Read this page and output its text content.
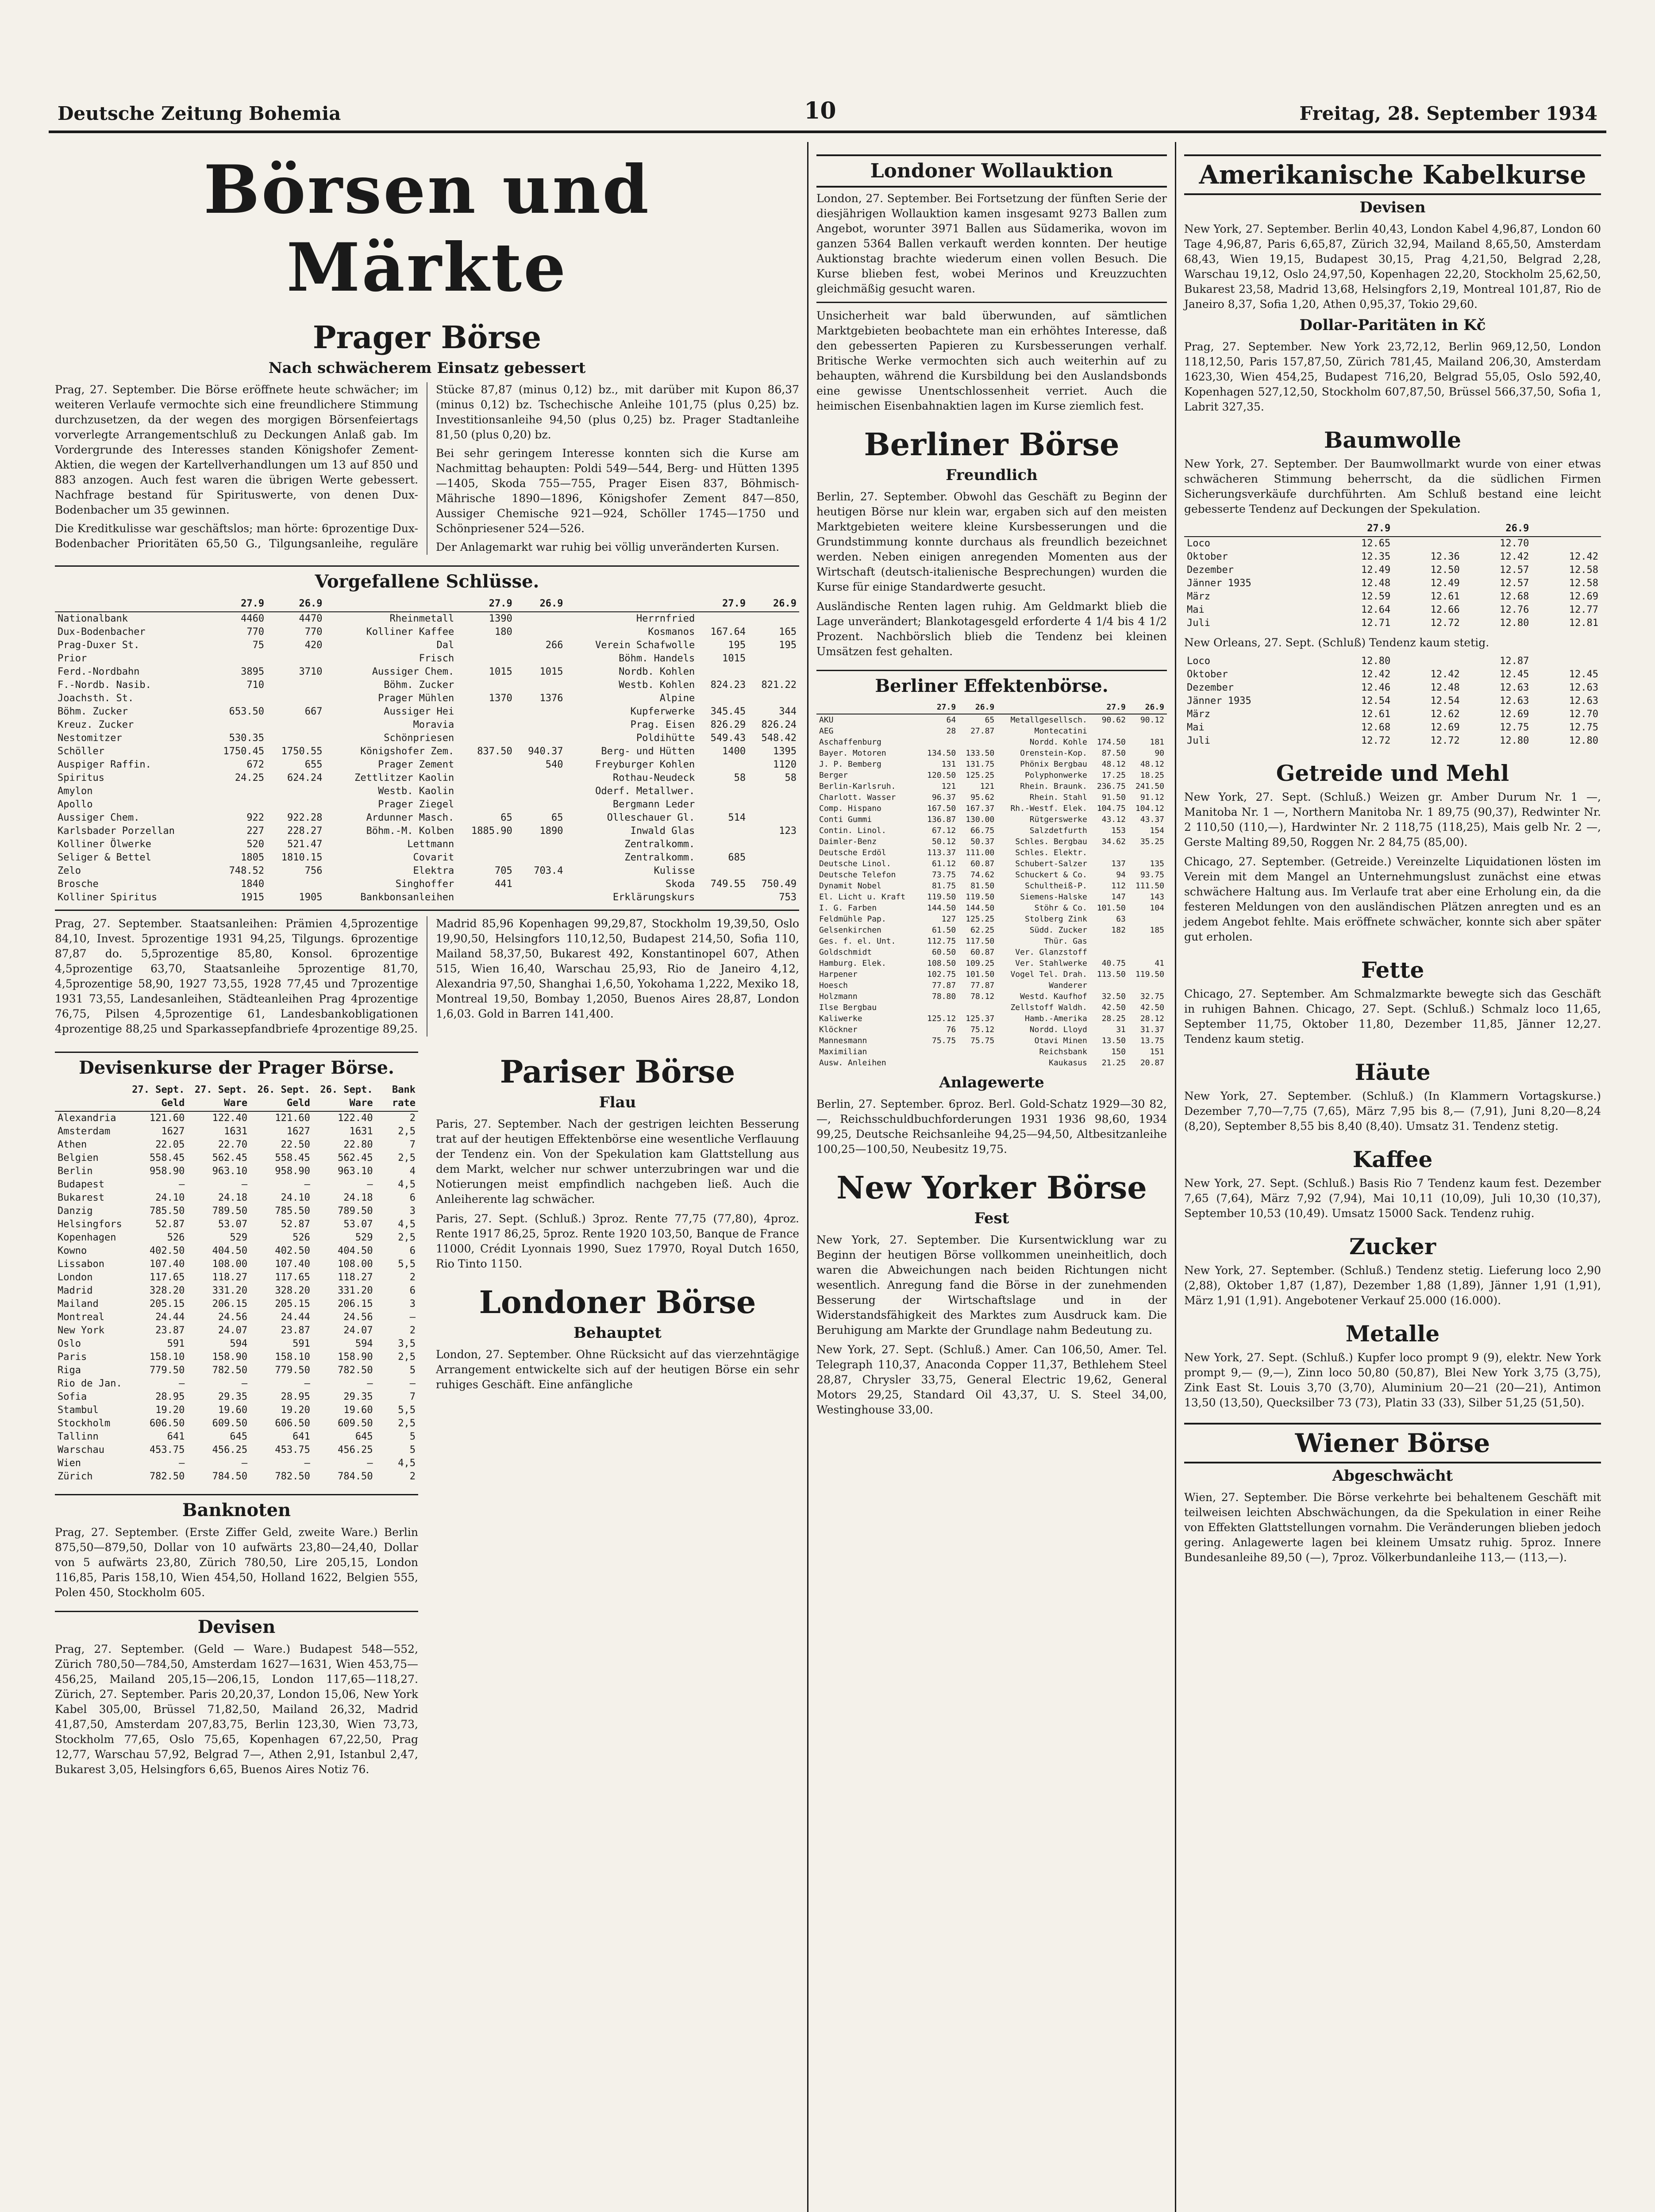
Deutsche Zeitung Bohemia	10	Freitag, 28. September 1934
Börsen und Märkte
Prager Börse
Nach schwächerem Einsatz gebessert

Prag, 27. September. Die Börse eröffnete heute schwächer; im weiteren Verlaufe vermochte sich eine freundlichere Stimmung durchzusetzen, da der wegen des morgigen Börsenfeiertags vorverlegte Arrangementschluß zu Deckungen Anlaß gab. Im Vordergrunde des Interesses standen Königshofer Zement-Aktien, die wegen der Kartellverhandlungen um 13 auf 850 und 883 anzogen. Auch fest waren die übrigen Werte gebessert. Nachfrage bestand für Spirituswerte, von denen Dux-Bodenbacher um 35 gewinnen.

Die Kreditkulisse war geschäftslos; man hörte: 6prozentige Dux-Bodenbacher Prioritäten 65,50 G., Tilgungsanleihe, reguläre Stücke 87,87 (minus 0,12) bz., mit darüber mit Kupon 86,37 (minus 0,12) bz. Tschechische Anleihe 101,75 (plus 0,25) bz. Investitionsanleihe 94,50 (plus 0,25) bz. Prager Stadtanleihe 81,50 (plus 0,20) bz.

Bei sehr geringem Interesse konnten sich die Kurse am Nachmittag behaupten: Poldi 549—544, Berg- und Hütten 1395—1405, Skoda 755—755, Prager Eisen 837, Böhmisch-Mährische 1890—1896, Königshofer Zement 847—850, Aussiger Chemische 921—924, Schöller 1745—1750 und Schönpriesener 524—526.

Der Anlagemarkt war ruhig bei völlig unveränderten Kursen.

Vorgefallene Schlüsse.
	27.9	26.9		27.9	26.9		27.9	26.9
Nationalbank	4460	4470	Rheinmetall	1390		Herrnfried		
Dux-Bodenbacher	770	770	Kolliner Kaffee	180		Kosmanos	167.64	165
Prag-Duxer St.	75	420	Dal		266	Verein Schafwolle	195	195
Prior			Frisch			Böhm. Handels	1015	
Ferd.-Nordbahn	3895	3710	Aussiger Chem.	1015	1015	Nordb. Kohlen		
F.-Nordb. Nasib.	710		Böhm. Zucker			Westb. Kohlen	824.23	821.22
Joachsth. St.			Prager Mühlen	1370	1376	Alpine		
Böhm. Zucker	653.50	667	Aussiger Hei			Kupferwerke	345.45	344
Kreuz. Zucker			Moravia			Prag. Eisen	826.29	826.24
Nestomitzer	530.35		Schönpriesen			Poldihütte	549.43	548.42
Schöller	1750.45	1750.55	Königshofer Zem.	837.50	940.37	Berg- und Hütten	1400	1395
Auspiger Raffin.	672	655	Prager Zement		540	Freyburger Kohlen		1120
Spiritus	24.25	624.24	Zettlitzer Kaolin			Rothau-Neudeck	58	58
Amylon			Westb. Kaolin			Oderf. Metallwer.		
Apollo			Prager Ziegel			Bergmann Leder		
Aussiger Chem.	922	922.28	Ardunner Masch.	65	65	Olleschauer Gl.	514	
Karlsbader Porzellan	227	228.27	Böhm.-M. Kolben	1885.90	1890	Inwald Glas		123
Kolliner Ölwerke	520	521.47	Lettmann			Zentralkomm.		
Seliger & Bettel	1805	1810.15	Covarit			Zentralkomm.	685	
Zelo	748.52	756	Elektra	705	703.4	Kulisse		
Brosche	1840		Singhoffer	441		Skoda	749.55	750.49
Kolliner Spiritus	1915	1905	Bankbonsanleihen			Erklärungskurs		753

Prag, 27. September. Staatsanleihen: Prämien 4,5prozentige 84,10, Invest. 5prozentige 1931 94,25, Tilgungs. 6prozentige 87,87 do. 5,5prozentige 85,80, Konsol. 6prozentige 4,5prozentige 63,70, Staatsanleihe 5prozentige 81,70, 4,5prozentige 58,90, 1927 73,55, 1928 77,45 und 7prozentige 1931 73,55, Landesanleihen, Städteanleihen Prag 4prozentige 76,75, Pilsen 4,5prozentige 61, Landesbankobligationen 4prozentige 88,25 und Sparkassepfandbriefe 4prozentige 89,25.

Madrid 85,96 Kopenhagen 99,29,87, Stockholm 19,39,50, Oslo 19,90,50, Helsingfors 110,12,50, Budapest 214,50, Sofia 110, Mailand 58,37,50, Bukarest 492, Konstantinopel 607, Athen 515, Wien 16,40, Warschau 25,93, Rio de Janeiro 4,12, Alexandria 97,50, Shanghai 1,6,50, Yokohama 1,222, Mexiko 18, Montreal 19,50, Bombay 1,2050, Buenos Aires 28,87, London 1,6,03. Gold in Barren 141,400.

Devisenkurse der Prager Börse.
	27. Sept. Geld	27. Sept. Ware	26. Sept. Geld	26. Sept. Ware	Bank rate
Alexandria	121.60	122.40	121.60	122.40	2
Amsterdam	1627	1631	1627	1631	2,5
Athen	22.05	22.70	22.50	22.80	7
Belgien	558.45	562.45	558.45	562.45	2,5
Berlin	958.90	963.10	958.90	963.10	4
Budapest	—	—	—	—	4,5
Bukarest	24.10	24.18	24.10	24.18	6
Danzig	785.50	789.50	785.50	789.50	3
Helsingfors	52.87	53.07	52.87	53.07	4,5
Kopenhagen	526	529	526	529	2,5
Kowno	402.50	404.50	402.50	404.50	6
Lissabon	107.40	108.00	107.40	108.00	5,5
London	117.65	118.27	117.65	118.27	2
Madrid	328.20	331.20	328.20	331.20	6
Mailand	205.15	206.15	205.15	206.15	3
Montreal	24.44	24.56	24.44	24.56	—
New York	23.87	24.07	23.87	24.07	2
Oslo	591	594	591	594	3,5
Paris	158.10	158.90	158.10	158.90	2,5
Riga	779.50	782.50	779.50	782.50	5
Rio de Jan.	—	—	—	—	—
Sofia	28.95	29.35	28.95	29.35	7
Stambul	19.20	19.60	19.20	19.60	5,5
Stockholm	606.50	609.50	606.50	609.50	2,5
Tallinn	641	645	641	645	5
Warschau	453.75	456.25	453.75	456.25	5
Wien	—	—	—	—	4,5
Zürich	782.50	784.50	782.50	784.50	2
Banknoten

Prag, 27. September. (Erste Ziffer Geld, zweite Ware.) Berlin 875,50—879,50, Dollar von 10 aufwärts 23,80—24,40, Dollar von 5 aufwärts 23,80, Zürich 780,50, Lire 205,15, London 116,85, Paris 158,10, Wien 454,50, Holland 1622, Belgien 555, Polen 450, Stockholm 605.

Devisen

Prag, 27. September. (Geld — Ware.) Budapest 548—552, Zürich 780,50—784,50, Amsterdam 1627—1631, Wien 453,75—456,25, Mailand 205,15—206,15, London 117,65—118,27. Zürich, 27. September. Paris 20,20,37, London 15,06, New York Kabel 305,00, Brüssel 71,82,50, Mailand 26,32, Madrid 41,87,50, Amsterdam 207,83,75, Berlin 123,30, Wien 73,73, Stockholm 77,65, Oslo 75,65, Kopenhagen 67,22,50, Prag 12,77, Warschau 57,92, Belgrad 7—, Athen 2,91, Istanbul 2,47, Bukarest 3,05, Helsingfors 6,65, Buenos Aires Notiz 76.

Pariser Börse
Flau

Paris, 27. September. Nach der gestrigen leichten Besserung trat auf der heutigen Effektenbörse eine wesentliche Verflauung der Tendenz ein. Von der Spekulation kam Glattstellung aus dem Markt, welcher nur schwer unterzubringen war und die Notierungen meist empfindlich nachgeben ließ. Auch die Anleiherente lag schwächer.

Paris, 27. Sept. (Schluß.) 3proz. Rente 77,75 (77,80), 4proz. Rente 1917 86,25, 5proz. Rente 1920 103,50, Banque de France 11000, Crédit Lyonnais 1990, Suez 17970, Royal Dutch 1650, Rio Tinto 1150.

Londoner Börse
Behauptet

London, 27. September. Ohne Rücksicht auf das vierzehntägige Arrangement entwickelte sich auf der heutigen Börse ein sehr ruhiges Geschäft. Eine anfängliche

Londoner Wollauktion

London, 27. September. Bei Fortsetzung der fünften Serie der diesjährigen Wollauktion kamen insgesamt 9273 Ballen zum Angebot, worunter 3971 Ballen aus Südamerika, wovon im ganzen 5364 Ballen verkauft werden konnten. Der heutige Auktionstag brachte wiederum einen vollen Besuch. Die Kurse blieben fest, wobei Merinos und Kreuzzuchten gleichmäßig gesucht waren.

Unsicherheit war bald überwunden, auf sämtlichen Marktgebieten beobachtete man ein erhöhtes Interesse, daß den gebesserten Papieren zu Kursbesserungen verhalf. Britische Werke vermochten sich auch weiterhin auf zu behaupten, während die Kursbildung bei den Auslandsbonds eine gewisse Unentschlossenheit verriet. Auch die heimischen Eisenbahnaktien lagen im Kurse ziemlich fest.

Berliner Börse
Freundlich

Berlin, 27. September. Obwohl das Geschäft zu Beginn der heutigen Börse nur klein war, ergaben sich auf den meisten Marktgebieten weitere kleine Kursbesserungen und die Grundstimmung konnte durchaus als freundlich bezeichnet werden. Neben einigen anregenden Momenten aus der Wirtschaft (deutsch-italienische Besprechungen) wurden die Kurse für einige Standardwerte gesucht.

Ausländische Renten lagen ruhig. Am Geldmarkt blieb die Lage unverändert; Blankotagesgeld erforderte 4 1/4 bis 4 1/2 Prozent. Nachbörslich blieb die Tendenz bei kleinen Umsätzen fest gehalten.

Berliner Effektenbörse.
	27.9	26.9		27.9	26.9
AKU	64	65	Metallgesellsch.	90.62	90.12
AEG	28	27.87	Montecatini		
Aschaffenburg			Nordd. Kohle	174.50	181
Bayer. Motoren	134.50	133.50	Orenstein-Kop.	87.50	90
J. P. Bemberg	131	131.75	Phönix Bergbau	48.12	48.12
Berger	120.50	125.25	Polyphonwerke	17.25	18.25
Berlin-Karlsruh.	121	121	Rhein. Braunk.	236.75	241.50
Charlott. Wasser	96.37	95.62	Rhein. Stahl	91.50	91.12
Comp. Hispano	167.50	167.37	Rh.-Westf. Elek.	104.75	104.12
Conti Gummi	136.87	130.00	Rütgerswerke	43.12	43.37
Contin. Linol.	67.12	66.75	Salzdetfurth	153	154
Daimler-Benz	50.12	50.37	Schles. Bergbau	34.62	35.25
Deutsche Erdöl	113.37	111.00	Schles. Elektr.		
Deutsche Linol.	61.12	60.87	Schubert-Salzer	137	135
Deutsche Telefon	73.75	74.62	Schuckert & Co.	94	93.75
Dynamit Nobel	81.75	81.50	Schultheiß-P.	112	111.50
El. Licht u. Kraft	119.50	119.50	Siemens-Halske	147	143
I. G. Farben	144.50	144.50	Stöhr & Co.	101.50	104
Feldmühle Pap.	127	125.25	Stolberg Zink	63	
Gelsenkirchen	61.50	62.25	Südd. Zucker	182	185
Ges. f. el. Unt.	112.75	117.50	Thür. Gas		
Goldschmidt	60.50	60.87	Ver. Glanzstoff		
Hamburg. Elek.	108.50	109.25	Ver. Stahlwerke	40.75	41
Harpener	102.75	101.50	Vogel Tel. Drah.	113.50	119.50
Hoesch	77.87	77.87	Wanderer		
Holzmann	78.80	78.12	Westd. Kaufhof	32.50	32.75
Ilse Bergbau			Zellstoff Waldh.	42.50	42.50
Kaliwerke	125.12	125.37	Hamb.-Amerika	28.25	28.12
Klöckner	76	75.12	Nordd. Lloyd	31	31.37
Mannesmann	75.75	75.75	Otavi Minen	13.50	13.75
Maximilian			Reichsbank	150	151
Ausw. Anleihen			Kaukasus	21.25	20.87
Anlagewerte

Berlin, 27. September. 6proz. Berl. Gold-Schatz 1929—30 82,—, Reichsschuldbuchforderungen 1931 1936 98,60, 1934 99,25, Deutsche Reichsanleihe 94,25—94,50, Altbesitzanleihe 100,25—100,50, Neubesitz 19,75.

New Yorker Börse
Fest

New York, 27. September. Die Kursentwicklung war zu Beginn der heutigen Börse vollkommen uneinheitlich, doch waren die Abweichungen nach beiden Richtungen nicht wesentlich. Anregung fand die Börse in der zunehmenden Besserung der Wirtschaftslage und in der Widerstandsfähigkeit des Marktes zum Ausdruck kam. Die Beruhigung am Markte der Grundlage nahm Bedeutung zu.

New York, 27. Sept. (Schluß.) Amer. Can 106,50, Amer. Tel. Telegraph 110,37, Anaconda Copper 11,37, Bethlehem Steel 28,87, Chrysler 33,75, General Electric 19,62, General Motors 29,25, Standard Oil 43,37, U. S. Steel 34,00, Westinghouse 33,00.

Amerikanische Kabelkurse
Devisen

New York, 27. September. Berlin 40,43, London Kabel 4,96,87, London 60 Tage 4,96,87, Paris 6,65,87, Zürich 32,94, Mailand 8,65,50, Amsterdam 68,43, Wien 19,15, Budapest 30,15, Prag 4,21,50, Belgrad 2,28, Warschau 19,12, Oslo 24,97,50, Kopenhagen 22,20, Stockholm 25,62,50, Bukarest 23,58, Madrid 13,68, Helsingfors 2,19, Montreal 101,87, Rio de Janeiro 8,37, Sofia 1,20, Athen 0,95,37, Tokio 29,60.

Dollar-Paritäten in Kč

Prag, 27. September. New York 23,72,12, Berlin 969,12,50, London 118,12,50, Paris 157,87,50, Zürich 781,45, Mailand 206,30, Amsterdam 1623,30, Wien 454,25, Budapest 716,20, Belgrad 55,05, Oslo 592,40, Kopenhagen 527,12,50, Stockholm 607,87,50, Brüssel 566,37,50, Sofia 1, Labrit 327,35.

Baumwolle

New York, 27. September. Der Baumwollmarkt wurde von einer etwas schwächeren Stimmung beherrscht, da die südlichen Firmen Sicherungsverkäufe durchführten. Am Schluß bestand eine leicht gebesserte Tendenz auf Deckungen der Spekulation.

	27.9		26.9	
Loco	12.65		12.70	
Oktober	12.35	12.36	12.42	12.42
Dezember	12.49	12.50	12.57	12.58
Jänner 1935	12.48	12.49	12.57	12.58
März	12.59	12.61	12.68	12.69
Mai	12.64	12.66	12.76	12.77
Juli	12.71	12.72	12.80	12.81

New Orleans, 27. Sept. (Schluß) Tendenz kaum stetig.

Loco	12.80		12.87	
Oktober	12.42	12.42	12.45	12.45
Dezember	12.46	12.48	12.63	12.63
Jänner 1935	12.54	12.54	12.63	12.63
März	12.61	12.62	12.69	12.70
Mai	12.68	12.69	12.75	12.75
Juli	12.72	12.72	12.80	12.80
Getreide und Mehl

New York, 27. Sept. (Schluß.) Weizen gr. Amber Durum Nr. 1 —, Manitoba Nr. 1 —, Northern Manitoba Nr. 1 89,75 (90,37), Redwinter Nr. 2 110,50 (110,—), Hardwinter Nr. 2 118,75 (118,25), Mais gelb Nr. 2 —, Gerste Malting 89,50, Roggen Nr. 2 84,75 (85,00).

Chicago, 27. September. (Getreide.) Vereinzelte Liquidationen lösten im Verein mit dem Mangel an Unternehmungslust zunächst eine etwas schwächere Haltung aus. Im Verlaufe trat aber eine Erholung ein, da die festeren Meldungen von den ausländischen Plätzen anregten und es an jedem Angebot fehlte. Mais eröffnete schwächer, konnte sich aber später gut erholen.

Fette

Chicago, 27. September. Am Schmalzmarkte bewegte sich das Geschäft in ruhigen Bahnen. Chicago, 27. Sept. (Schluß.) Schmalz loco 11,65, September 11,75, Oktober 11,80, Dezember 11,85, Jänner 12,27. Tendenz kaum stetig.

Häute

New York, 27. September. (Schluß.) (In Klammern Vortagskurse.) Dezember 7,70—7,75 (7,65), März 7,95 bis 8,— (7,91), Juni 8,20—8,24 (8,20), September 8,55 bis 8,40 (8,40). Umsatz 31. Tendenz stetig.

Kaffee

New York, 27. Sept. (Schluß.) Basis Rio 7 Tendenz kaum fest. Dezember 7,65 (7,64), März 7,92 (7,94), Mai 10,11 (10,09), Juli 10,30 (10,37), September 10,53 (10,49). Umsatz 15000 Sack. Tendenz ruhig.

Zucker

New York, 27. September. (Schluß.) Tendenz stetig. Lieferung loco 2,90 (2,88), Oktober 1,87 (1,87), Dezember 1,88 (1,89), Jänner 1,91 (1,91), März 1,91 (1,91). Angebotener Verkauf 25.000 (16.000).

Metalle

New York, 27. Sept. (Schluß.) Kupfer loco prompt 9 (9), elektr. New York prompt 9,— (9,—), Zinn loco 50,80 (50,87), Blei New York 3,75 (3,75), Zink East St. Louis 3,70 (3,70), Aluminium 20—21 (20—21), Antimon 13,50 (13,50), Quecksilber 73 (73), Platin 33 (33), Silber 51,25 (51,50).

Wiener Börse
Abgeschwächt

Wien, 27. September. Die Börse verkehrte bei behaltenem Geschäft mit teilweisen leichten Abschwächungen, da die Spekulation in einer Reihe von Effekten Glattstellungen vornahm. Die Veränderungen blieben jedoch gering. Anlagewerte lagen bei kleinem Umsatz ruhig. 5proz. Innere Bundesanleihe 89,50 (—), 7proz. Völkerbundanleihe 113,— (113,—).
